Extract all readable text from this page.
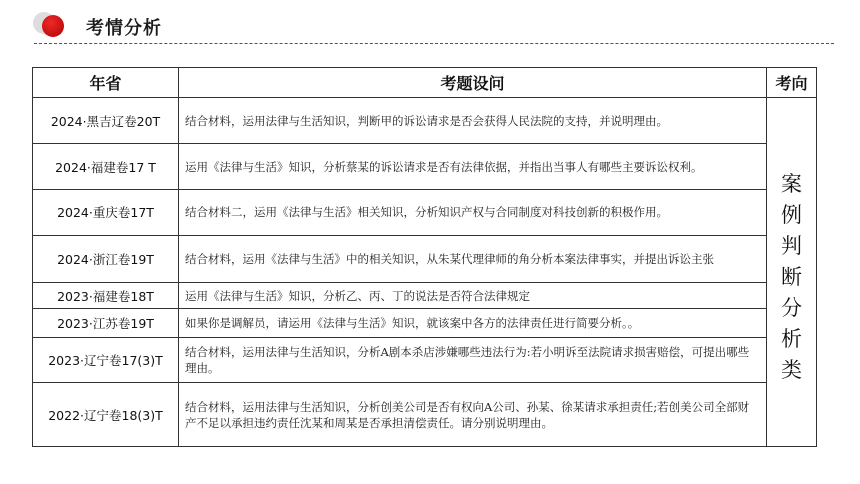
考情分析
年省	考题设问	考向
2024·黑吉辽卷20T	结合材料，运用法律与生活知识，判断甲的诉讼请求是否会获得人民法院的支持，并说明理由。	案例判断分析类
2024·福建卷17 T	运用《法律与生活》知识，分析蔡某的诉讼请求是否有法律依据，并指出当事人有哪些主要诉讼权利。	
2024·重庆卷17T	结合材料二，运用《法律与生活》相关知识，分析知识产权与合同制度对科技创新的积极作用。	
2024·浙江卷19T	结合材料，运用《法律与生活》中的相关知识，从朱某代理律师的角分析本案法律事实，并提出诉讼主张	
2023·福建卷18T	运用《法律与生活》知识，分析乙、丙、丁的说法是否符合法律规定	
2023·江苏卷19T	如果你是调解员，请运用《法律与生活》知识，就该案中各方的法律责任进行简要分析。。	
2023·辽宁卷17(3)T	结合材料，运用法律与生活知识，分析A剧本杀店涉嫌哪些违法行为:若小明诉至法院请求损害赔偿，可提出哪些理由。	
2022·辽宁卷18(3)T	结合材料，运用法律与生活知识，分析创美公司是否有权向A公司、孙某、徐某请求承担责任;若创美公司全部财产不足以承担违约责任沈某和周某是否承担清偿责任。请分别说明理由。	
